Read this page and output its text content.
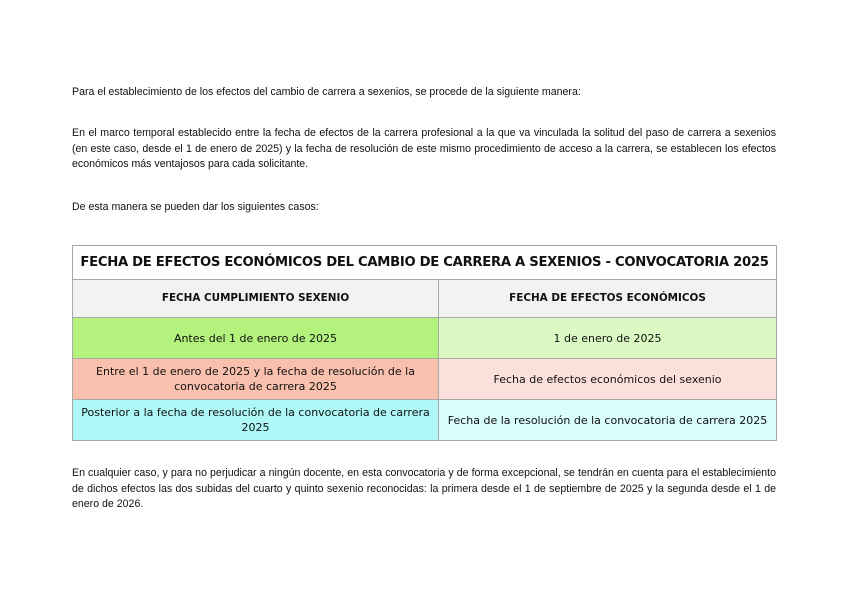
Para el establecimiento de los efectos del cambio de carrera a sexenios, se procede de la siguiente manera:
En el marco temporal establecido entre la fecha de efectos de la carrera profesional a la que va vinculada la solitud del paso de carrera a sexenios (en este caso, desde el 1 de enero de 2025) y la fecha de resolución de este mismo procedimiento de acceso a la carrera, se establecen los efectos económicos más ventajosos para cada solicitante.
De esta manera se pueden dar los siguientes casos:
FECHA DE EFECTOS ECONÓMICOS DEL CAMBIO DE CARRERA A SEXENIOS - CONVOCATORIA 2025	
FECHA CUMPLIMIENTO SEXENIO	FECHA DE EFECTOS ECONÓMICOS
Antes del 1 de enero de 2025	1 de enero de 2025
Entre el 1 de enero de 2025 y la fecha de resolución de la convocatoria de carrera 2025	Fecha de efectos económicos del sexenio
Posterior a la fecha de resolución de la convocatoria de carrera 2025	Fecha de la resolución de la convocatoria de carrera 2025
En cualquier caso, y para no perjudicar a ningún docente, en esta convocatoria y de forma excepcional, se tendrán en cuenta para el establecimiento de dichos efectos las dos subidas del cuarto y quinto sexenio reconocidas: la primera desde el 1 de septiembre de 2025 y la segunda desde el 1 de enero de 2026.
